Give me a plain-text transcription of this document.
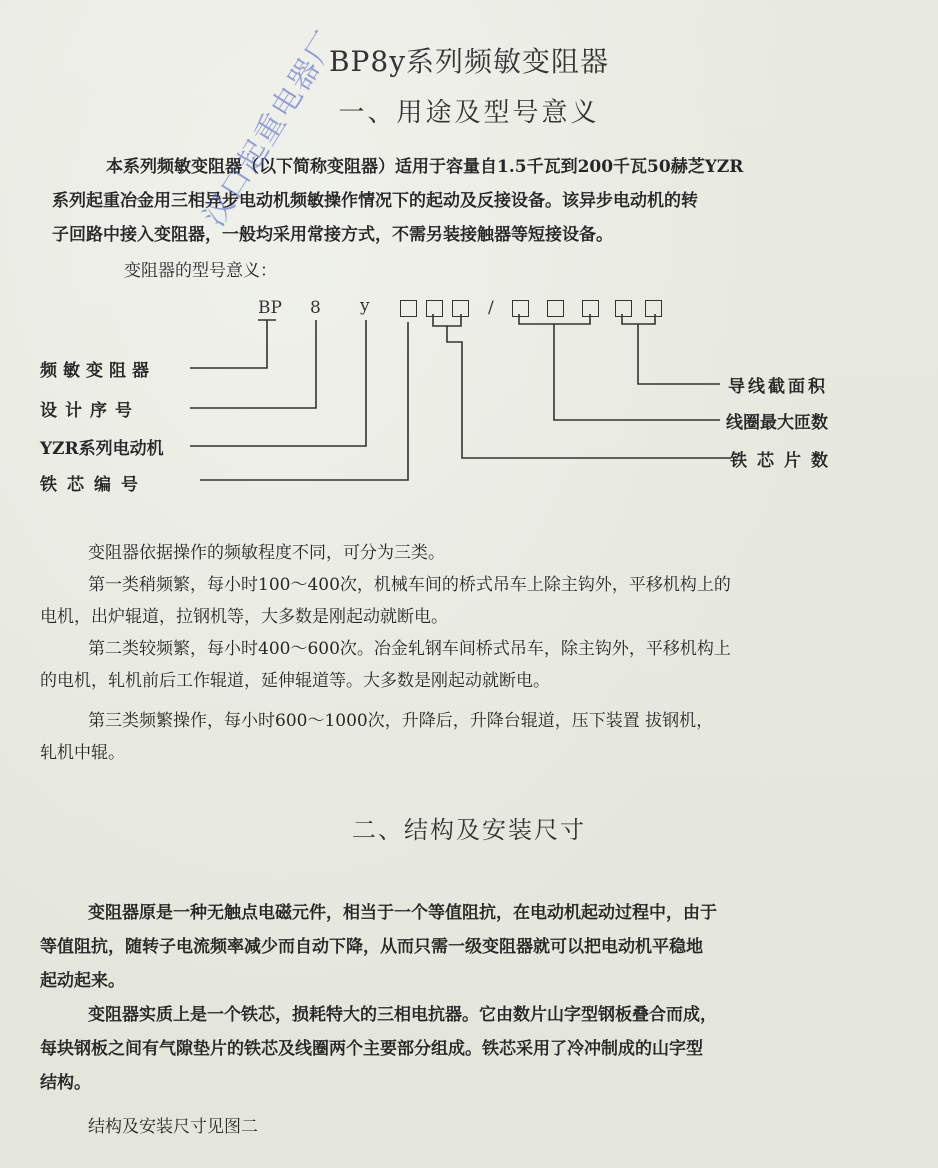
BP8y系列频敏变阻器
一、用途及型号意义
本系列频敏变阻器（以下简称变阻器）适用于容量自1.5千瓦到200千瓦50赫芝YZR
系列起重冶金用三相异步电动机频敏操作情况下的起动及反接设备。该异步电动机的转
子回路中接入变阻器，一般均采用常接方式，不需另装接触器等短接设备。
变阻器的型号意义：
BP 8 y	/
频敏变阻器
设计序号
YZR系列电动机
铁芯编号
导线截面积
线圈最大匝数
铁芯片数
变阻器依据操作的频敏程度不同，可分为三类。
第一类稍频繁，每小时100～400次，机械车间的桥式吊车上除主钩外，平移机构上的
电机，出炉辊道，拉钢机等，大多数是刚起动就断电。
第二类较频繁，每小时400～600次。冶金轧钢车间桥式吊车，除主钩外，平移机构上
的电机，轧机前后工作辊道，延伸辊道等。大多数是刚起动就断电。
第三类频繁操作，每小时600～1000次，升降后，升降台辊道，压下装置 拔钢机，
轧机中辊。
二、结构及安装尺寸
变阻器原是一种无触点电磁元件，相当于一个等值阻抗，在电动机起动过程中，由于
等值阻抗，随转子电流频率减少而自动下降，从而只需一级变阻器就可以把电动机平稳地
起动起来。
变阻器实质上是一个铁芯，损耗特大的三相电抗器。它由数片山字型钢板叠合而成，
每块钢板之间有气隙垫片的铁芯及线圈两个主要部分组成。铁芯采用了冷冲制成的山字型
结构。
结构及安装尺寸见图二
汉口起重电器厂
